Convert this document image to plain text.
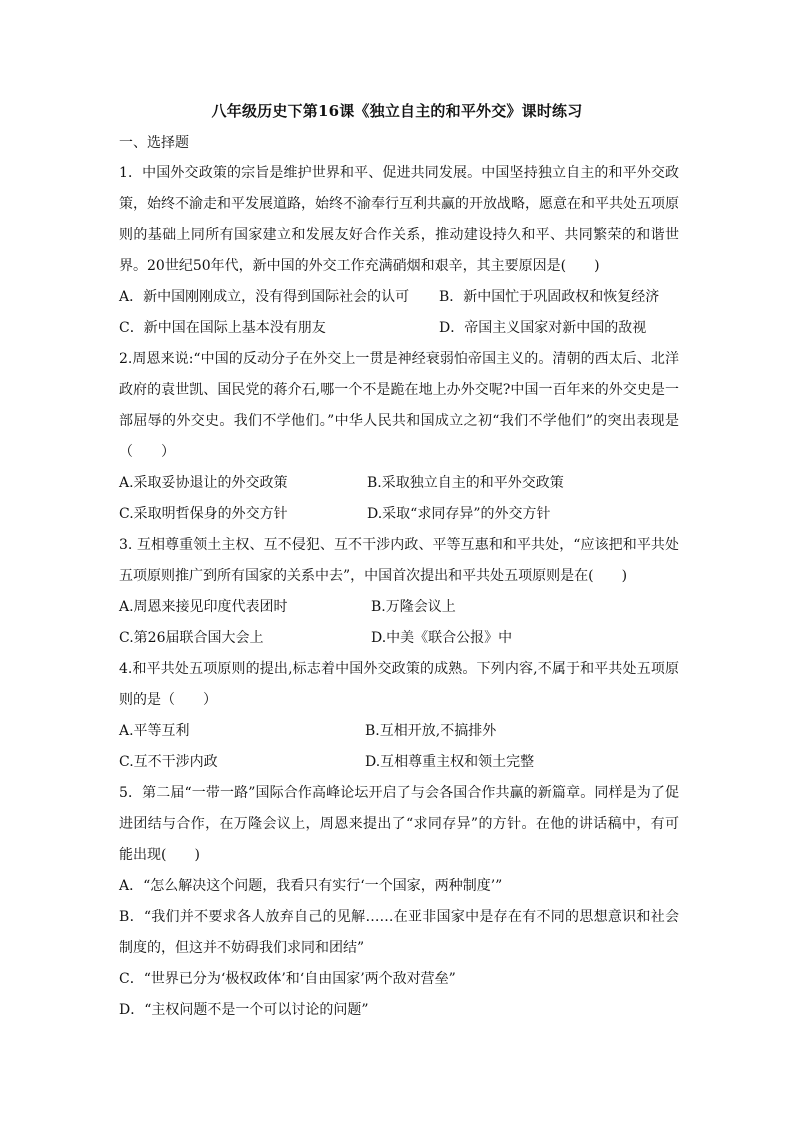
八年级历史下第16课《独立自主的和平外交》课时练习
一、选择题

1．中国外交政策的宗旨是维护世界和平、促进共同发展。中国坚持独立自主的和平外交政策，始终不渝走和平发展道路，始终不渝奉行互利共赢的开放战略，愿意在和平共处五项原则的基础上同所有国家建立和发展友好合作关系，推动建设持久和平、共同繁荣的和谐世界。20世纪50年代，新中国的外交工作充满硝烟和艰辛，其主要原因是(　　)

A．新中国刚刚成立，没有得到国际社会的认可	B．新中国忙于巩固政权和恢复经济
C．新中国在国际上基本没有朋友	D．帝国主义国家对新中国的敌视

2.周恩来说:“中国的反动分子在外交上一贯是神经衰弱怕帝国主义的。清朝的西太后、北洋政府的袁世凯、国民党的蒋介石,哪一个不是跪在地上办外交呢?中国一百年来的外交史是一部屈辱的外交史。我们不学他们。”中华人民共和国成立之初“我们不学他们”的突出表现是（　　）

A.采取妥协退让的外交政策	B.采取独立自主的和平外交政策
C.采取明哲保身的外交方针	D.采取“求同存异”的外交方针

3. 互相尊重领土主权、互不侵犯、互不干涉内政、平等互惠和和平共处，“应该把和平共处五项原则推广到所有国家的关系中去”，中国首次提出和平共处五项原则是在(　　)

A.周恩来接见印度代表团时	B.万隆会议上
C.第26届联合国大会上	D.中美《联合公报》中

4.和平共处五项原则的提出,标志着中国外交政策的成熟。下列内容,不属于和平共处五项原则的是（　　）

A.平等互利	B.互相开放,不搞排外
C.互不干涉内政	D.互相尊重主权和领土完整

5．第二届“一带一路”国际合作高峰论坛开启了与会各国合作共赢的新篇章。同样是为了促进团结与合作，在万隆会议上，周恩来提出了“求同存异”的方针。在他的讲话稿中，有可能出现(　　)

A．“怎么解决这个问题，我看只有实行‘一个国家，两种制度’”

B．“我们并不要求各人放弃自己的见解……在亚非国家中是存在有不同的思想意识和社会制度的，但这并不妨碍我们求同和团结”

C．“世界已分为‘极权政体’和‘自由国家’两个敌对营垒”

D．“主权问题不是一个可以讨论的问题”
